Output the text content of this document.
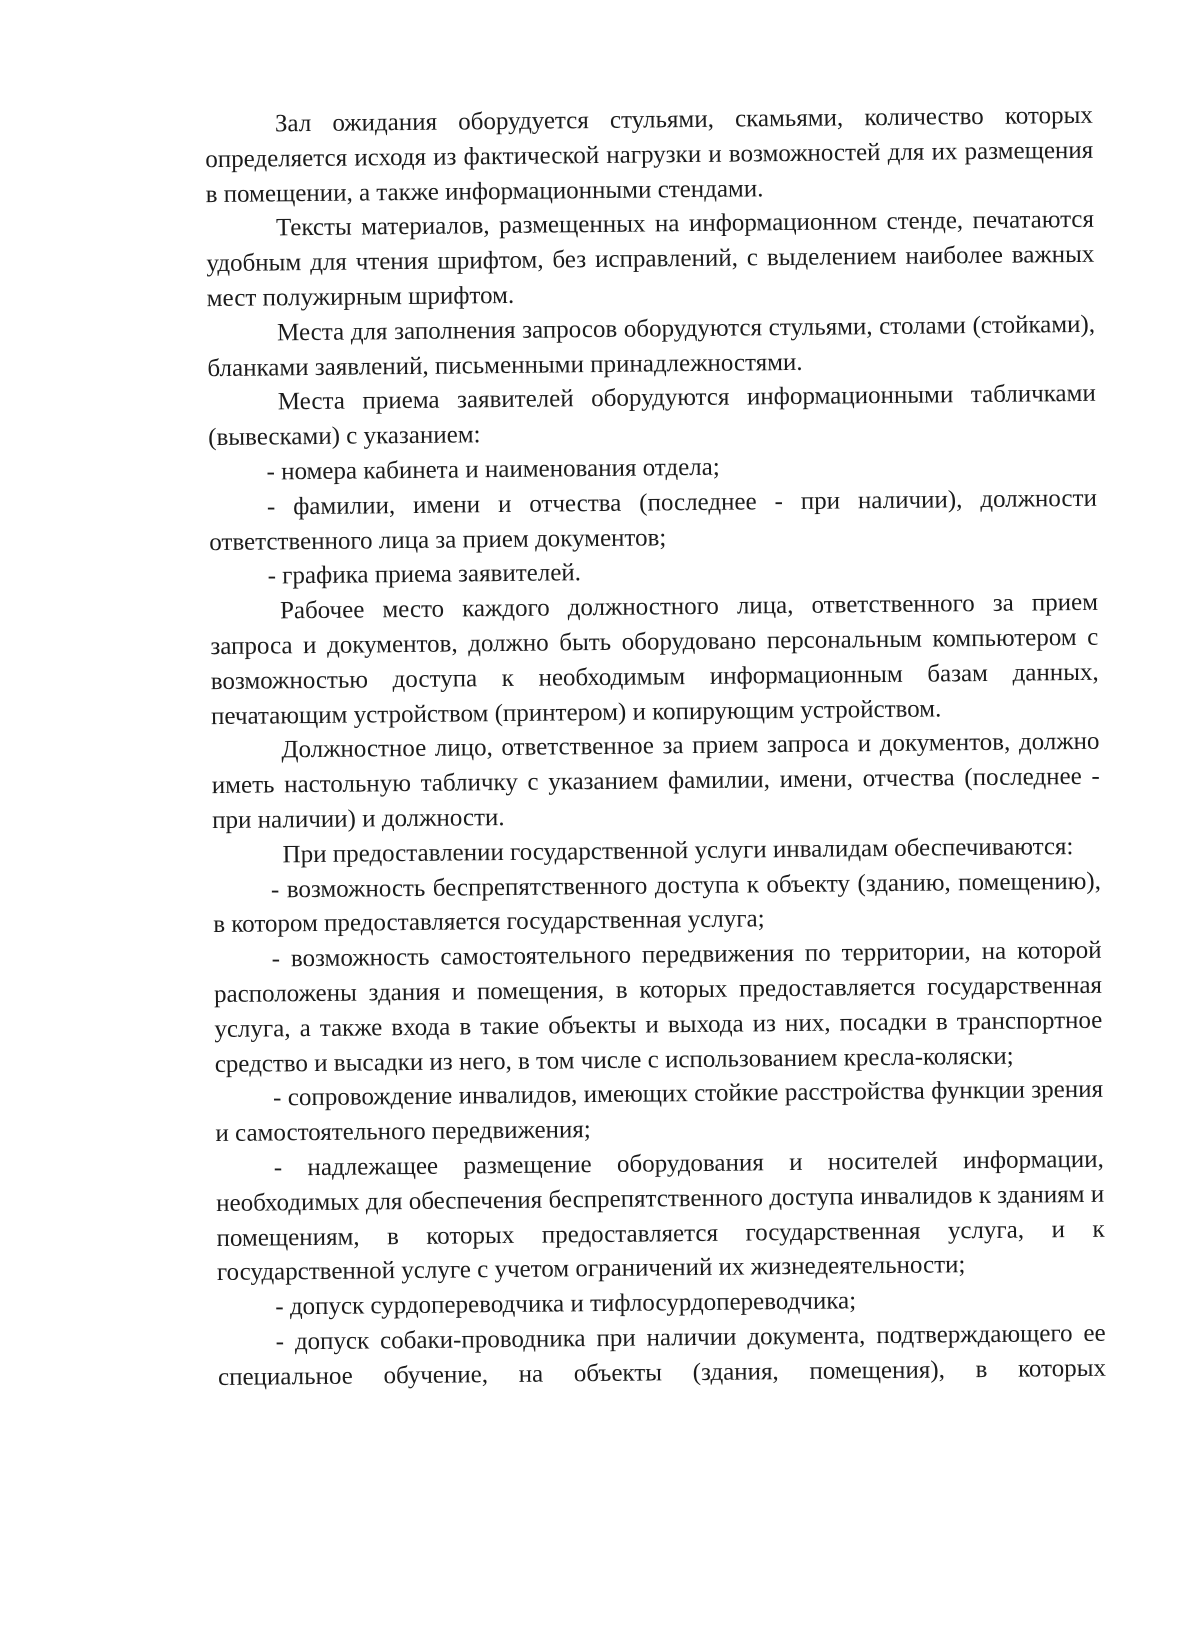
Зал ожидания оборудуется стульями, скамьями, количество которых определяется исходя из фактической нагрузки и возможностей для их размещения в помещении, а также информационными стендами.

Тексты материалов, размещенных на информационном стенде, печатаются удобным для чтения шрифтом, без исправлений, с выделением наиболее важных мест полужирным шрифтом.

Места для заполнения запросов оборудуются стульями, столами (стойками), бланками заявлений, письменными принадлежностями.

Места приема заявителей оборудуются информационными табличками (вывесками) с указанием:

- номера кабинета и наименования отдела;

- фамилии, имени и отчества (последнее - при наличии), должности ответственного лица за прием документов;

- графика приема заявителей.

Рабочее место каждого должностного лица, ответственного за прием запроса и документов, должно быть оборудовано персональным компьютером с возможностью доступа к необходимым информационным базам данных, печатающим устройством (принтером) и копирующим устройством.

Должностное лицо, ответственное за прием запроса и документов, должно иметь настольную табличку с указанием фамилии, имени, отчества (последнее - при наличии) и должности.

При предоставлении государственной услуги инвалидам обеспечиваются:

- возможность беспрепятственного доступа к объекту (зданию, помещению), в котором предоставляется государственная услуга;

- возможность самостоятельного передвижения по территории, на которой расположены здания и помещения, в которых предоставляется государственная услуга, а также входа в такие объекты и выхода из них, посадки в транспортное средство и высадки из него, в том числе с использованием кресла-коляски;

- сопровождение инвалидов, имеющих стойкие расстройства функции зрения и самостоятельного передвижения;

- надлежащее размещение оборудования и носителей информации, необходимых для обеспечения беспрепятственного доступа инвалидов к зданиям и помещениям, в которых предоставляется государственная услуга, и к государственной услуге с учетом ограничений их жизнедеятельности;

- допуск сурдопереводчика и тифлосурдопереводчика;

- допуск собаки-проводника при наличии документа, подтверждающего ее специальное обучение, на объекты (здания, помещения), в которых
